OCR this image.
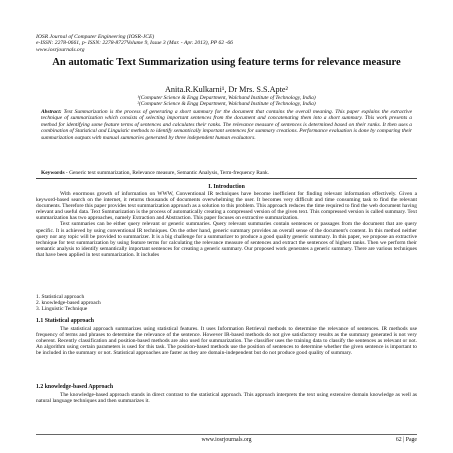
IOSR Journal of Computer Engineering (IOSR-JCE)
e-ISSN: 2278-0661, p- ISSN: 2278-8727Volume 9, Issue 3 (Mar. - Apr. 2013), PP 62 -66
www.iosrjournals.org
An automatic Text Summarization using feature terms for relevance measure
Anita.R.Kulkarni¹, Dr Mrs. S.S.Apte²
¹(Computer Science & Engg Department, Walchand Institute of Technology, India)
²(Computer Science & Engg Department, Walchand Institute of Technology, India)
Abstract: Text Summarization is the process of generating a short summary for the document that contains the overall meaning. This paper explains the extractive technique of summarization which consists of selecting important sentences from the document and concatenating them into a short summary. This work presents a method for identifying some feature terms of sentences and calculates their ranks. The relevance measure of sentences is determined based on their ranks. It then uses a combination of Statistical and Linguistic methods to identify semantically important sentences for summary creations. Performance evaluation is done by comparing their summarization outputs with manual summaries generated by three independent human evaluators.
Keywords - Generic text summarization, Relevance measure, Semantic Analysis, Term-frequency Rank.
I. Introduction

With enormous growth of information on WWW, Conventional IR techniques have become inefficient for finding relevant information effectively. Given a keyword-based search on the internet, it returns thousands of documents overwhelming the user. It becomes very difficult and time consuming task to find the relevant documents. Therefore this paper provides text summarization approach as a solution to this problem. This approach reduces the time required to find the web document having relevant and useful data. Text Summarization is the process of automatically creating a compressed version of the given text. This compressed version is called summary. Text summarization has two approaches, namely Extraction and Abstraction. This paper focuses on extractive summarization.

Text summaries can be either query relevant or generic summaries. Query relevant summaries contain sentences or passages from the document that are query specific. It is achieved by using conventional IR techniques. On the other hand, generic summary provides an overall sense of the document's content. In this method neither query nor any topic will be provided to summarizer. It is a big challenge for a summarizer to produce a good quality generic summary. In this paper, we propose an extractive technique for text summarization by using feature terms for calculating the relevance measure of sentences and extract the sentences of highest ranks. Then we perform their semantic analysis to identify semantically important sentences for creating a generic summary. Our proposed work generates a generic summary. There are various techniques that have been applied in text summarization. It includes

1. Statistical approach
2. knowledge-based approach
3. Linguistic Technique
1.1 Statistical approach

The statistical approach summarizes using statistical features. It uses Information Retrieval methods to determine the relevance of sentences. IR methods use frequency of terms and phrases to determine the relevance of the sentence. However IR-based methods do not give satisfactory results as the summary generated is not very coherent. Recently classification and position-based methods are also used for summarization. The classifier uses the training data to classify the sentences as relevant or not. An algorithm using certain parameters is used for this task. The position-based methods use the position of sentences to determine whether the given sentence is important to be included in the summary or not. Statistical approaches are faster as they are domain-independent but do not produce good quality of summary.

1.2 knowledge-based Approach

The knowledge-based approach stands in direct contrast to the statistical approach. This approach interprets the text using extensive domain knowledge as well as natural language techniques and then summarizes it.

www.iosrjournals.org	62 | Page
